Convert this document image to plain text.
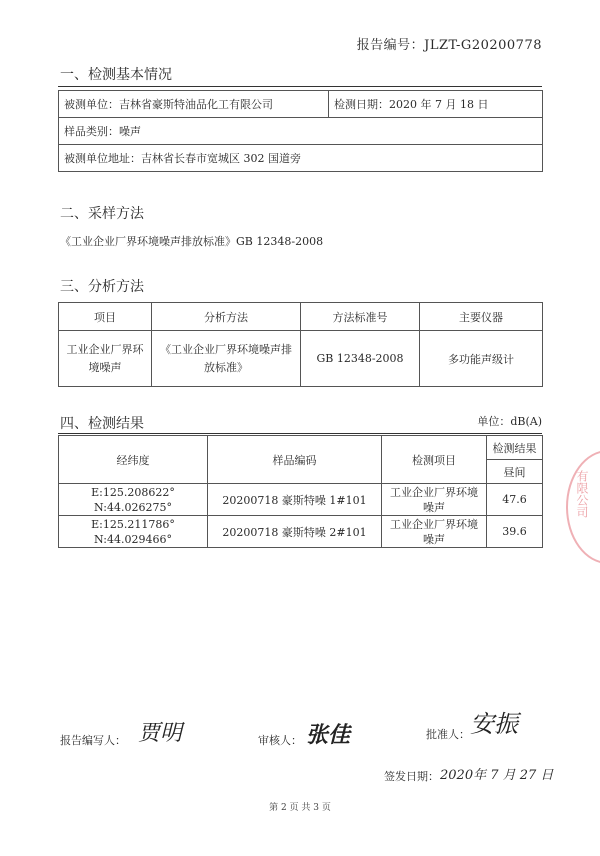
报告编号：JLZT-G20200778
一、检测基本情况
被测单位：吉林省豪斯特油品化工有限公司	检测日期：2020 年 7 月 18 日
样品类别：噪声
被测单位地址：吉林省长春市宽城区 302 国道旁
二、采样方法
《工业企业厂界环境噪声排放标准》GB 12348-2008
三、分析方法
项目	分析方法	方法标准号	主要仪器
工业企业厂界环境噪声	《工业企业厂界环境噪声排放标准》	GB 12348-2008	多功能声级计
四、检测结果	单位：dB(A)
经纬度	样品编码	检测项目	检测结果
			昼间

E:125.208622°
N:44.026275°	20200718 豪斯特噪 1#101	工业企业厂界环境噪声	47.6

E:125.211786°
N:44.029466°	20200718 豪斯特噪 2#101	工业企业厂界环境噪声	39.6
有限公司
报告编写人： 贾明	审核人： 张佳	批准人： 安振
签发日期： 2020年 7 月 27 日
第 2 页 共 3 页
